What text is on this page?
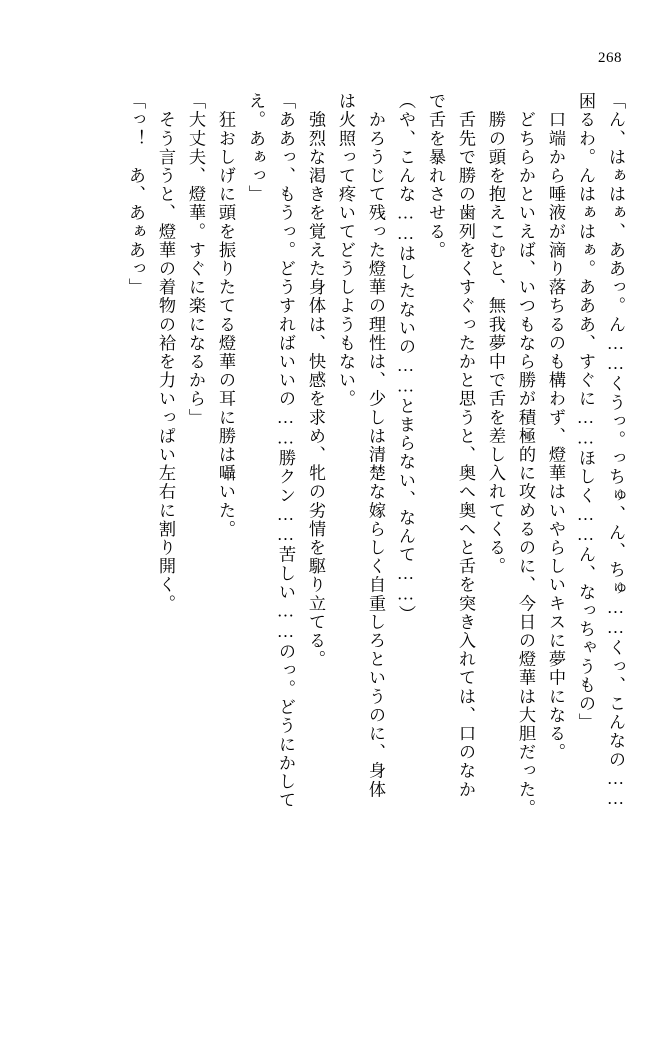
268
「ん、はぁはぁ、ああっ。ん……くうっ。っちゅ、ん、ちゅ……くっ、こんなの……
困るわ。んはぁはぁ。あああ、すぐに……ほしく……ん、なっちゃうもの」
　口端から唾液が滴り落ちるのも構わず、燈華はいやらしいキスに夢中になる。
　どちらかといえば、いつもなら勝が積極的に攻めるのに、今日の燈華は大胆だった。
　勝の頭を抱えこむと、無我夢中で舌を差し入れてくる。
　舌先で勝の歯列をくすぐったかと思うと、奥へ奥へと舌を突き入れては、口のなか
で舌を暴れさせる。
（や、こんな……はしたないの……とまらない、なんて……）
　かろうじて残った燈華の理性は、少しは清楚な嫁らしく自重しろというのに、身体
は火照って疼いてどうしようもない。
　強烈な渇きを覚えた身体は、快感を求め、牝の劣情を駆り立てる。
「ああっ、もうっ。どうすればいいの……勝クン……苦しい……のっ。どうにかして
え。あぁっ」
　狂おしげに頭を振りたてる燈華の耳に勝は囁いた。
「大丈夫、燈華。すぐに楽になるから」
　そう言うと、燈華の着物の袷を力いっぱい左右に割り開く。
「っ！　あ、あぁあっ」
